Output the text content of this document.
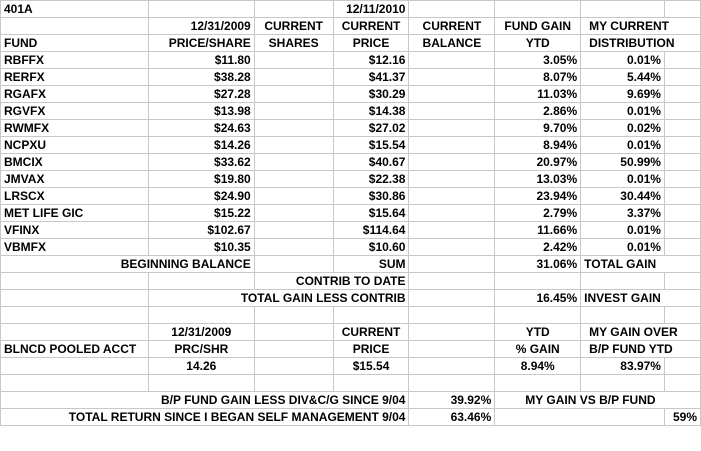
401A			12/11/2010				
	12/31/2009	CURRENT	CURRENT	CURRENT	FUND GAIN	MY CURRENT	
FUND	PRICE/SHARE	SHARES	PRICE	BALANCE	YTD	DISTRIBUTION	
RBFFX	$11.80		$12.16		3.05%	0.01%	
RERFX	$38.28		$41.37		8.07%	5.44%	
RGAFX	$27.28		$30.29		11.03%	9.69%	
RGVFX	$13.98		$14.38		2.86%	0.01%	
RWMFX	$24.63		$27.02		9.70%	0.02%	
NCPXU	$14.26		$15.54		8.94%	0.01%	
BMCIX	$33.62		$40.67		20.97%	50.99%	
JMVAX	$19.80		$22.38		13.03%	0.01%	
LRSCX	$24.90		$30.86		23.94%	30.44%	
MET LIFE GIC	$15.22		$15.64		2.79%	3.37%	
VFINX	$102.67		$114.64		11.66%	0.01%	
VBMFX	$10.35		$10.60		2.42%	0.01%	
BEGINNING BALANCE			SUM		31.06%	TOTAL GAIN	
		CONTRIB TO DATE					
	TOTAL GAIN LESS CONTRIB				16.45%	INVEST GAIN	

	12/31/2009		CURRENT		YTD	MY GAIN OVER	
BLNCD POOLED ACCT	PRC/SHR		PRICE		% GAIN	B/P FUND YTD	
	14.26		$15.54		8.94%	83.97%	

B/P FUND GAIN LESS DIV&C/G SINCE 9/04				39.92%	MY GAIN VS B/P FUND		
TOTAL RETURN SINCE I BEGAN SELF MANAGEMENT 9/04				63.46%			59%
